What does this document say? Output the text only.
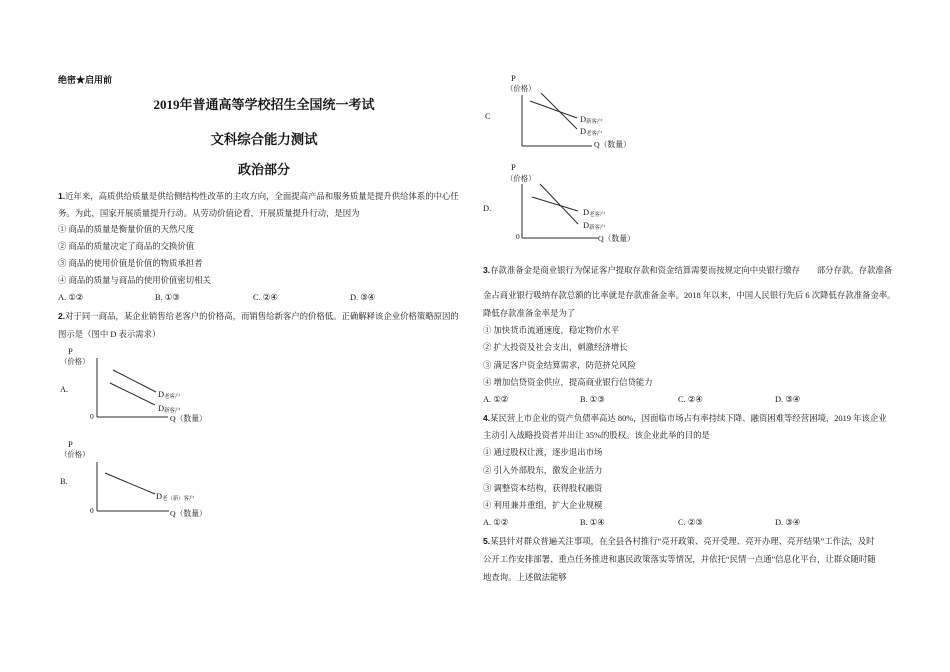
绝密★启用前
2019年普通高等学校招生全国统一考试
文科综合能力测试
政治部分
1.近年来，高质供给质量是供给侧结构性改革的主攻方向，全面提高产品和服务质量是提升供给体系的中心任
务。为此，国家开展质量提升行动。从劳动价值论看，开展质量提升行动，是因为
① 商品的质量是衡量价值的天然尺度
② 商品的质量决定了商品的交换价值
③ 商品的使用价值是价值的物质承担者
④ 商品的质量与商品的使用价值密切相关
A. ①②	B. ①③	C. ②④	D. ③④
2.对于同一商品，某企业销售给老客户的价格高，而销售给新客户的价格低。正确解释该企业价格策略原因的
图示是（图中 D 表示需求）
A.
P
（价格）
0	Q（数量）
D老客户
D新客户
B.
P
（价格）
0	Q（数量）
D老（新）客户
C
P
（价格）
Q（数量）
D新客户
D老客户
D.
P
（价格）
0	Q（数量）
D老客户
D新客户
3.存款准备金是商业银行为保证客户提取存款和资金结算需要而按规定向中央银行缴存　　部分存款。存款准备
金占商业银行吸纳存款总额的比率就是存款准备金率。2018 年以来，中国人民银行先后 6 次降低存款准备金率。
降低存款准备金率是为了
① 加快货币流通速度，稳定物价水平
② 扩大投资及社会支出，刺激经济增长
③ 满足客户资金结算需求，防范挤兑风险
④ 增加信贷资金供应，提高商业银行信贷能力
A. ①②	B. ①③	C. ②④	D. ③④
4.某民营上市企业的资产负债率高达 80%，因面临市场占有率持续下降、融资困难等经营困境，2019 年该企业
主动引入战略投资者并出让 35%的股权。该企业此举的目的是
① 通过股权让渡，逐步退出市场
② 引入外部股东，激发企业活力
③ 调整资本结构，获得股权融资
④ 利用兼并重组，扩大企业规模
A. ①②	B. ①④	C. ②③	D. ③④
5.某县针对群众普遍关注事项，在全县各村推行“亮开政策、亮开受理、亮开办理、亮开结果”工作法，及时
公开工作安排部署、重点任务推进和惠民政策落实等情况，并依托“民情一点通”信息化平台，让群众随时随
地查询。上述做法能够
